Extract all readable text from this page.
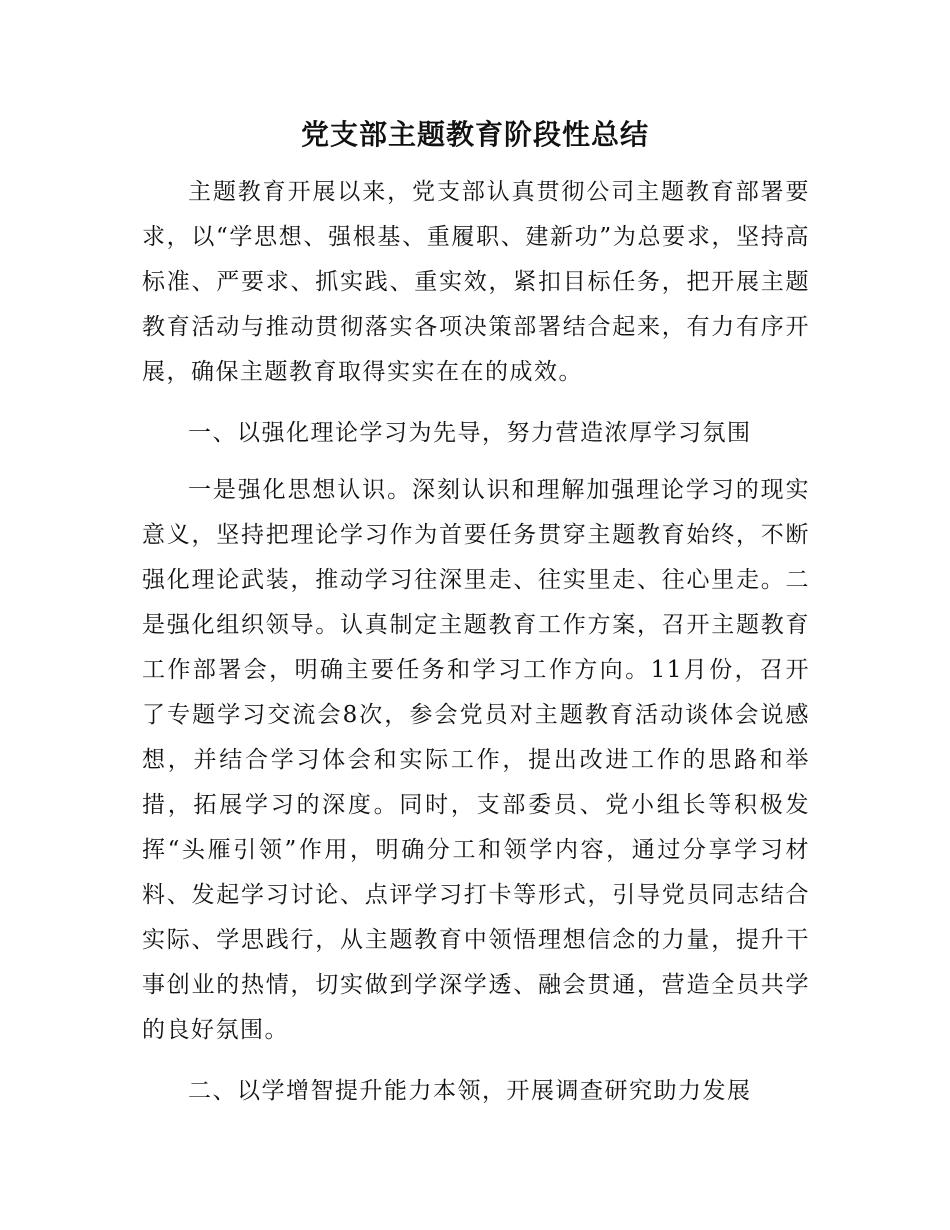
党支部主题教育阶段性总结

主题教育开展以来，党支部认真贯彻公司主题教育部署要求，以“学思想、强根基、重履职、建新功”为总要求，坚持高标准、严要求、抓实践、重实效，紧扣目标任务，把开展主题教育活动与推动贯彻落实各项决策部署结合起来，有力有序开展，确保主题教育取得实实在在的成效。

一、以强化理论学习为先导，努力营造浓厚学习氛围

一是强化思想认识。深刻认识和理解加强理论学习的现实意义，坚持把理论学习作为首要任务贯穿主题教育始终，不断强化理论武装，推动学习往深里走、往实里走、往心里走。二是强化组织领导。认真制定主题教育工作方案，召开主题教育工作部署会，明确主要任务和学习工作方向。11月份，召开了专题学习交流会8次，参会党员对主题教育活动谈体会说感想，并结合学习体会和实际工作，提出改进工作的思路和举措，拓展学习的深度。同时，支部委员、党小组长等积极发挥“头雁引领”作用，明确分工和领学内容，通过分享学习材料、发起学习讨论、点评学习打卡等形式，引导党员同志结合实际、学思践行，从主题教育中领悟理想信念的力量，提升干事创业的热情，切实做到学深学透、融会贯通，营造全员共学的良好氛围。

二、以学增智提升能力本领，开展调查研究助力发展
